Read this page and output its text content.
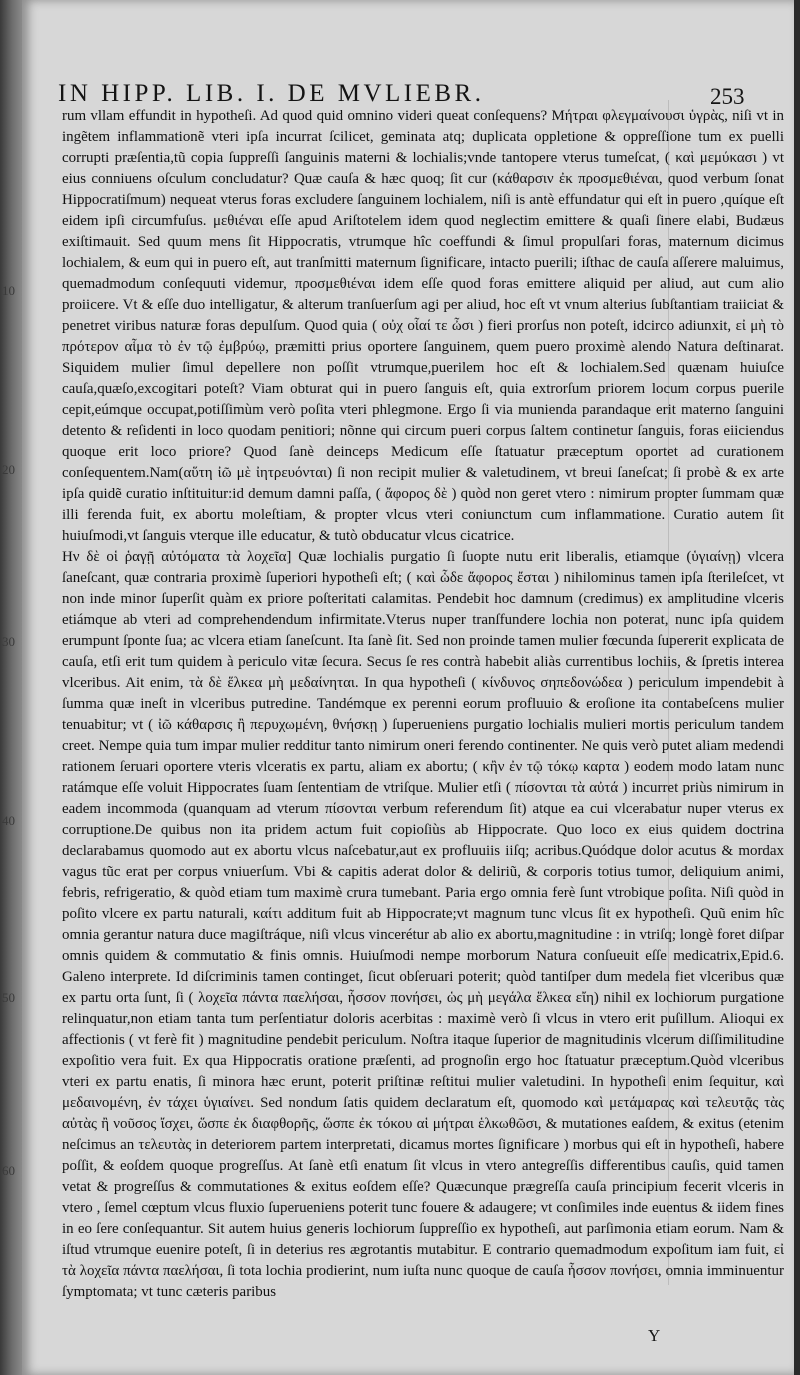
IN HIPP. LIB. I. DE MVLIEBR.	253
10
20
30
40
50
60

rum vllam effundit in hypotheſi. Ad quod quid omnino videri queat conſequens? Μήτραι φλεγμαίνουσι ὑγρὰς, niſi vt in ingẽtem inflammationẽ vteri ipſa incurrat ſcilicet, geminata atq; duplicata oppletione & oppreſſione tum ex puelli corrupti præſentia,tũ copia ſuppreſſi ſanguinis materni & lochialis;vnde tantopere vterus tumeſcat, ( καὶ μεμύκασι ) vt eius conniuens oſculum concludatur? Quæ cauſa & hæc quoq; ſit cur (κάθαρσιν ἐκ προσμεθιέναι, quod verbum ſonat Hippocratiſmum) nequeat vterus foras excludere ſanguinem lochialem, niſi is antè effundatur qui eſt in puero ,quíque eſt eidem ipſi circumfuſus. μεθιέναι eſſe apud Ariſtotelem idem quod neglectim emittere & quaſi ſinere elabi, Budæus exiſtimauit. Sed quum mens ſit Hippocratis, vtrumque hîc coeffundi & ſimul propulſari foras, maternum dicimus lochialem, & eum qui in puero eſt, aut tranſmitti maternum ſignificare, intacto puerili; iſthac de cauſa aſſerere maluimus, quemadmodum conſequuti videmur, προσμεθιέναι idem eſſe quod foras emittere aliquid per aliud, aut cum alio proiicere. Vt & eſſe duo intelligatur, & alterum tranſuerſum agi per aliud, hoc eſt vt vnum alterius ſubſtantiam traiiciat & penetret viribus naturæ foras depulſum. Quod quia ( οὐχ οἷαί τε ὦσι ) fieri prorſus non poteſt, idcirco adiunxit, εἰ μὴ τὸ πρότερον αἷμα τὸ ἐν τῷ ἐμβρύῳ, præmitti prius oportere ſanguinem, quem puero proximè alendo Natura deſtinarat. Siquidem mulier ſimul depellere non poſſit vtrumque,puerilem hoc eſt & lochialem.Sed quænam huiuſce cauſa,quæſo,excogitari poteſt? Viam obturat qui in puero ſanguis eſt, quia extrorſum priorem locum corpus puerile cepit,eúmque occupat,potiſſimùm verò poſita vteri phlegmone. Ergo ſi via munienda parandaque erit materno ſanguini detento & reſidenti in loco quodam penitiori; nõnne qui circum pueri corpus ſaltem continetur ſanguis, foras eiiciendus quoque erit loco priore? Quod ſanè deinceps Medicum eſſe ſtatuatur præceptum oportet ad curationem conſequentem.Nam(αὕτη ἰῶ μὲ ἰητρευόνται) ſi non recipit mulier & valetudinem, vt breui ſaneſcat; ſi probè & ex arte ipſa quidẽ curatio inſtituitur:id demum damni paſſa, ( ἄφορος δὲ ) quòd non geret vtero : nimirum propter ſummam quæ illi ferenda fuit, ex abortu moleſtiam, & propter vlcus vteri coniunctum cum inflammatione. Curatio autem ſit huiuſmodi,vt ſanguis vterque ille educatur, & tutò obducatur vlcus cicatrice.

Ην δὲ οἱ ῥαγῇ αὐτόματα τὰ λοχεῖα] Quæ lochialis purgatio ſi ſuopte nutu erit liberalis, etiamque (ὑγιαίνῃ) vlcera ſaneſcant, quæ contraria proximè ſuperiori hypotheſi eſt; ( καὶ ὧδε ἄφορος ἔσται ) nihilominus tamen ipſa ſterileſcet, vt non inde minor ſuperſit quàm ex priore poſteritati calamitas. Pendebit hoc damnum (credimus) ex amplitudine vlceris etiámque ab vteri ad comprehendendum infirmitate.Vterus nuper tranſfundere lochia non poterat, nunc ipſa quidem erumpunt ſponte ſua; ac vlcera etiam ſaneſcunt. Ita ſanè ſit. Sed non proinde tamen mulier fœcunda ſupererit explicata de cauſa, etſi erit tum quidem à periculo vitæ ſecura. Secus ſe res contrà habebit aliàs currentibus lochiis, & ſpretis interea vlceribus. Ait enim, τὰ δὲ ἕλκεα μὴ μεδαίνηται. In qua hypotheſi ( κίνδυνος σηπεδονώδεα ) periculum impendebit à ſumma quæ ineſt in vlceribus putredine. Tandémque ex perenni eorum profluuio & eroſione ita contabeſcens mulier tenuabitur; vt ( ἰῶ κάθαρσις ἢ περυχωμένη, θνήσκῃ ) ſuperueniens purgatio lochialis mulieri mortis periculum tandem creet. Nempe quia tum impar mulier redditur tanto nimirum oneri ferendo continenter. Ne quis verò putet aliam medendi rationem ſeruari oportere vteris vlceratis ex partu, aliam ex abortu; ( κἢν ἐν τῷ τόκῳ καρτα ) eodem modo latam nunc ratámque eſſe voluit Hippocrates ſuam ſententiam de vtriſque. Mulier etſi ( πίσονται τὰ αὐτά ) incurret priùs nimirum in eadem incommoda (quanquam ad vterum πίσονται verbum referendum ſit) atque ea cui vlcerabatur nuper vterus ex corruptione.De quibus non ita pridem actum fuit copioſiùs ab Hippocrate. Quo loco ex eius quidem doctrina declarabamus quomodo aut ex abortu vlcus naſcebatur,aut ex profluuiis iiſq; acribus.Quódque dolor acutus & mordax vagus tũc erat per corpus vniuerſum. Vbi & capitis aderat dolor & deliriũ, & corporis totius tumor, deliquium animi, febris, refrigeratio, & quòd etiam tum maximè crura tumebant. Paria ergo omnia ferè ſunt vtrobique poſita. Niſi quòd in poſito vlcere ex partu naturali, καίτι additum fuit ab Hippocrate;vt magnum tunc vlcus ſit ex hypotheſi. Quũ enim hîc omnia gerantur natura duce magiſtráque, niſi vlcus vincerétur ab alio ex abortu,magnitudine : in vtriſq; longè foret diſpar omnis quidem & commutatio & finis omnis. Huiuſmodi nempe morborum Natura conſueuit eſſe medicatrix,Epid.6. Galeno interprete. Id diſcriminis tamen continget, ſicut obſeruari poterit; quòd tantiſper dum medela fiet vlceribus quæ ex partu orta ſunt, ſi ( λοχεῖα πάντα παελήσαι, ἧσσον πονήσει, ὡς μὴ μεγάλα ἕλκεα εἴη) nihil ex lochiorum purgatione relinquatur,non etiam tanta tum perſentiatur doloris acerbitas : maximè verò ſi vlcus in vtero erit puſillum. Alioqui ex affectionis ( vt ferè fit ) magnitudine pendebit periculum. Noſtra itaque ſuperior de magnitudinis vlcerum diſſimilitudine expoſitio vera fuit. Ex qua Hippocratis oratione præſenti, ad prognoſin ergo hoc ſtatuatur præceptum.Quòd vlceribus vteri ex partu enatis, ſi minora hæc erunt, poterit priſtinæ reſtitui mulier valetudini. In hypotheſi enim ſequitur, καὶ μεδαινομένη, ἐν τάχει ὑγιαίνει. Sed nondum ſatis quidem declaratum eſt, quomodo καὶ μετάμαρας καὶ τελευτᾷς τὰς αὐτὰς ἢ νοῦσος ἴσχει, ὥσπε ἐκ διαφθορῆς, ὥσπε ἐκ τόκου αἱ μήτραι ἑλκωθῶσι, & mutationes eaſdem, & exitus (etenim neſcimus an τελευτὰς in deteriorem partem interpretati, dicamus mortes ſignificare ) morbus qui eſt in hypotheſi, habere poſſit, & eoſdem quoque progreſſus. At ſanè etſi enatum ſit vlcus in vtero antegreſſis differentibus cauſis, quid tamen vetat & progreſſus & commutationes & exitus eoſdem eſſe? Quæcunque prægreſſa cauſa principium fecerit vlceris in vtero , ſemel cœptum vlcus fluxio ſuperueniens poterit tunc fouere & adaugere; vt conſimiles inde euentus & iidem fines in eo ſere conſequantur. Sit autem huius generis lochiorum ſuppreſſio ex hypotheſi, aut parſimonia etiam eorum. Nam & iſtud vtrumque euenire poteſt, ſi in deterius res ægrotantis mutabitur. E contrario quemadmodum expoſitum iam fuit, εἰ τὰ λοχεῖα πάντα παελήσαι, ſi tota lochia prodierint, num iuſta nunc quoque de cauſa ἧσσον πονήσει, omnia imminuentur ſymptomata; vt tunc cæteris paribus

Y
